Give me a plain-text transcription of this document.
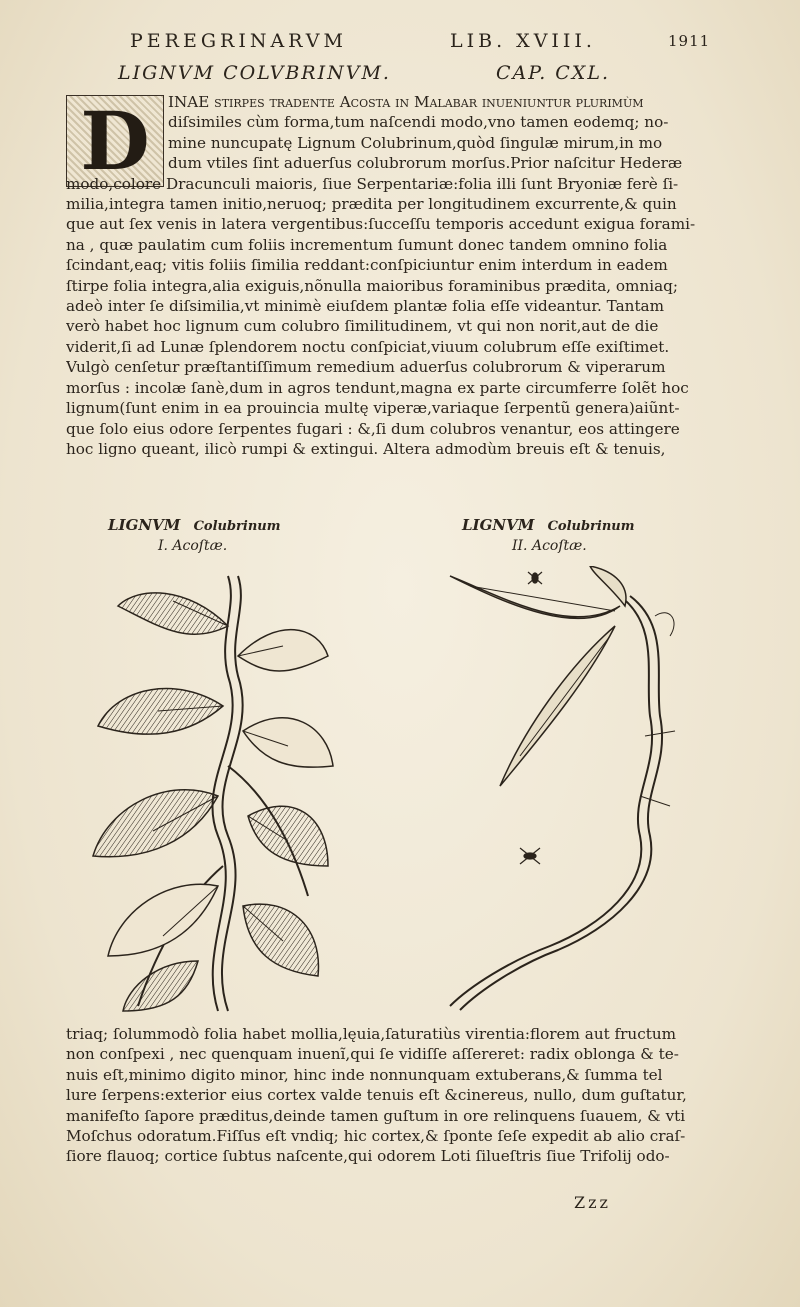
PEREGRINARVM	LIB. XVIII.	1911
LIGNVM COLVBRINVM.	CAP. CXL.
D	INAE ſtirpes tradente Acoſta in Malabar inueniuntur plurimùm
diſsimiles cùm forma,tum naſcendi modo,vno tamen eodemq; no-
mine nuncupatę Lignum Colubrinum,quòd ſingulæ mirum,in mo
dum vtiles ſint aduerſus colubrorum morſus.Prior naſcitur Hederæ
modo,colore Dracunculi maioris, ſiue Serpentariæ:folia illi ſunt Bryoniæ ferè ſi-
milia,integra tamen initio,neruoq; prædita per longitudinem excurrente,& quin
que aut ſex venis in latera vergentibus:ſucceſſu temporis accedunt exigua forami-
na , quæ paulatim cum foliis incrementum ſumunt donec tandem omnino folia
ſcindant,eaq; vitis foliis ſimilia reddant:conſpiciuntur enim interdum in eadem
ſtirpe folia integra,alia exiguis,nõnulla maioribus foraminibus prædita, omniaq;
adeò inter ſe diſsimilia,vt minimè eiuſdem plantæ folia eſſe videantur. Tantam
verò habet hoc lignum cum colubro ſimilitudinem, vt qui non norit,aut de die
viderit,ſi ad Lunæ ſplendorem noctu conſpiciat,viuum colubrum eſſe exiſtimet.
Vulgò cenſetur præſtantiſſimum remedium aduerſus colubrorum & viperarum
morſus : incolæ ſanè,dum in agros tendunt,magna ex parte circumferre ſolẽt hoc
lignum(ſunt enim in ea prouincia multę viperæ,variaque ſerpentũ genera)aiũnt-
que ſolo eius odore ſerpentes fugari : &,ſi dum colubros venantur, eos attingere
hoc ligno queant, ilicò rumpi & extingui. Altera admodùm breuis eſt & tenuis,
LIGNVM Colubrinum
I. Acoſtæ.
LIGNVM Colubrinum
II. Acoſtæ.
triaq; ſolummodò folia habet mollia,lęuia,ſaturatiùs virentia:florem aut fructum
non conſpexi , nec quenquam inuenĩ,qui ſe vidiſſe aſſereret: radix oblonga & te-
nuis eſt,minimo digito minor, hinc inde nonnunquam extuberans,& ſumma tel
lure ſerpens:exterior eius cortex valde tenuis eſt &cinereus, nullo, dum guſtatur,
manifeſto ſapore præditus,deinde tamen guſtum in ore relinquens ſuauem, & vti
Moſchus odoratum.Fiſſus eſt vndiq; hic cortex,& ſponte ſeſe expedit ab alio craſ-
ſiore flauoq; cortice ſubtus naſcente,qui odorem Loti ſilueſtris ſiue Trifolij odo-
Zzz
